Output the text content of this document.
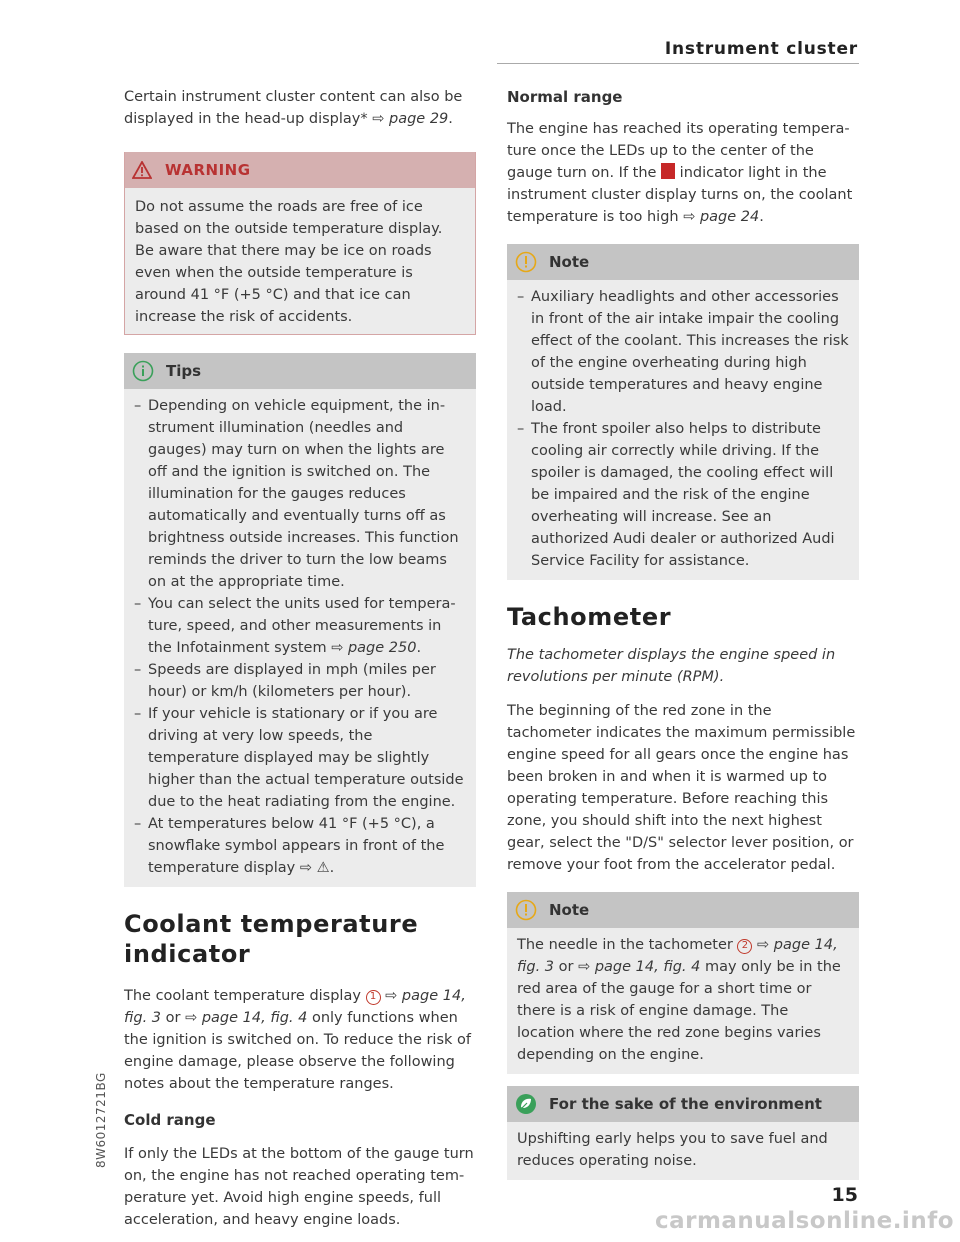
Instrument cluster

Certain instrument cluster content can also be displayed in the head-up display* ⇨ page 29.

WARNING
Do not assume the roads are free of ice based on the outside temperature display. Be aware that there may be ice on roads even when the outside temperature is around 41 °F (+5 °C) and that ice can increase the risk of accidents.
Tips
– Depending on vehicle equipment, the instrument illumination (needles and gauges) may turn on when the lights are off and the ignition is switched on. The illumination for the gauges reduces automatically and eventually turns off as brightness outside increases. This function reminds the driver to turn the low beams on at the appropriate time.
– You can select the units used for temperature, speed, and other measurements in the Infotainment system ⇨ page 250.
– Speeds are displayed in mph (miles per hour) or km/h (kilometers per hour).
– If your vehicle is stationary or if you are driving at very low speeds, the temperature displayed may be slightly higher than the actual temperature outside due to the heat radiating from the engine.
– At temperatures below 41 °F (+5 °C), a snowflake symbol appears in front of the temperature display ⇨ ⚠.
Coolant temperature indicator

The coolant temperature display 1 ⇨ page 14, fig. 3 or ⇨ page 14, fig. 4 only functions when the ignition is switched on. To reduce the risk of engine damage, please observe the following notes about the temperature ranges.

Cold range

If only the LEDs at the bottom of the gauge turn on, the engine has not reached operating temperature yet. Avoid high engine speeds, full acceleration, and heavy engine loads.

Normal range

The engine has reached its operating temperature once the LEDs up to the center of the gauge turn on. If the  indicator light in the instrument cluster display turns on, the coolant temperature is too high ⇨ page 24.

Note
– Auxiliary headlights and other accessories in front of the air intake impair the cooling effect of the coolant. This increases the risk of the engine overheating during high outside temperatures and heavy engine load.
– The front spoiler also helps to distribute cooling air correctly while driving. If the spoiler is damaged, the cooling effect will be impaired and the risk of the engine overheating will increase. See an authorized Audi dealer or authorized Audi Service Facility for assistance.
Tachometer

The tachometer displays the engine speed in revolutions per minute (RPM).

The beginning of the red zone in the tachometer indicates the maximum permissible engine speed for all gears once the engine has been broken in and when it is warmed up to operating temperature. Before reaching this zone, you should shift into the next highest gear, select the "D/S" selector lever position, or remove your foot from the accelerator pedal.

Note

The needle in the tachometer 2 ⇨ page 14, fig. 3 or ⇨ page 14, fig. 4 may only be in the red area of the gauge for a short time or there is a risk of engine damage. The location where the red zone begins varies depending on the engine.

For the sake of the environment
Upshifting early helps you to save fuel and reduces operating noise.
8W6012721BG
15
carmanualsonline.info
